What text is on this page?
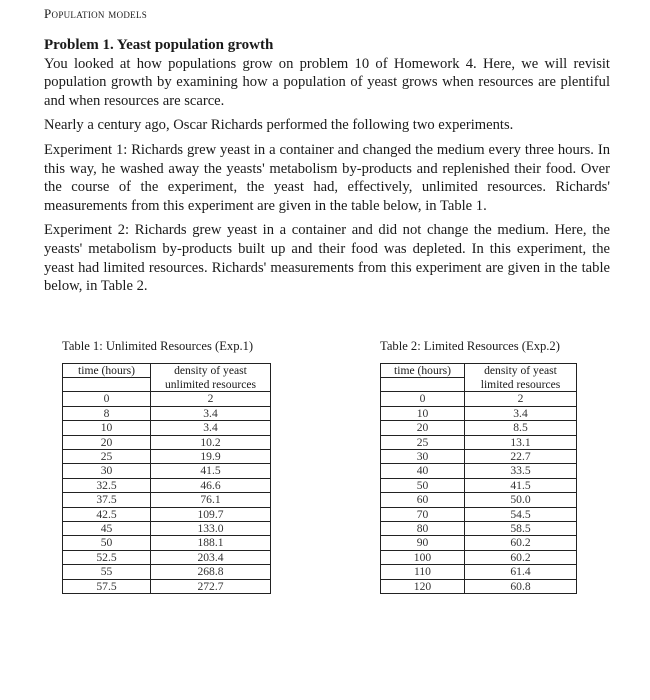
Population models
Problem 1. Yeast population growth

You looked at how populations grow on problem 10 of Homework 4. Here, we will revisit population growth by examining how a population of yeast grows when resources are plentiful and when resources are scarce.

Nearly a century ago, Oscar Richards performed the following two experiments.

Experiment 1: Richards grew yeast in a container and changed the medium every three hours. In this way, he washed away the yeasts' metabolism by-products and replenished their food. Over the course of the experiment, the yeast had, effectively, unlimited resources. Richards' measurements from this experiment are given in the table below, in Table 1.

Experiment 2: Richards grew yeast in a container and did not change the medium. Here, the yeasts' metabolism by-products built up and their food was depleted. In this experiment, the yeast had limited resources. Richards' measurements from this experiment are given in the table below, in Table 2.

Table 1: Unlimited Resources (Exp.1)
time (hours)	density of yeast
	unlimited resources
0	2
8	3.4
10	3.4
20	10.2
25	19.9
30	41.5
32.5	46.6
37.5	76.1
42.5	109.7
45	133.0
50	188.1
52.5	203.4
55	268.8
57.5	272.7
Table 2: Limited Resources (Exp.2)
time (hours)	density of yeast
	limited resources
0	2
10	3.4
20	8.5
25	13.1
30	22.7
40	33.5
50	41.5
60	50.0
70	54.5
80	58.5
90	60.2
100	60.2
110	61.4
120	60.8
